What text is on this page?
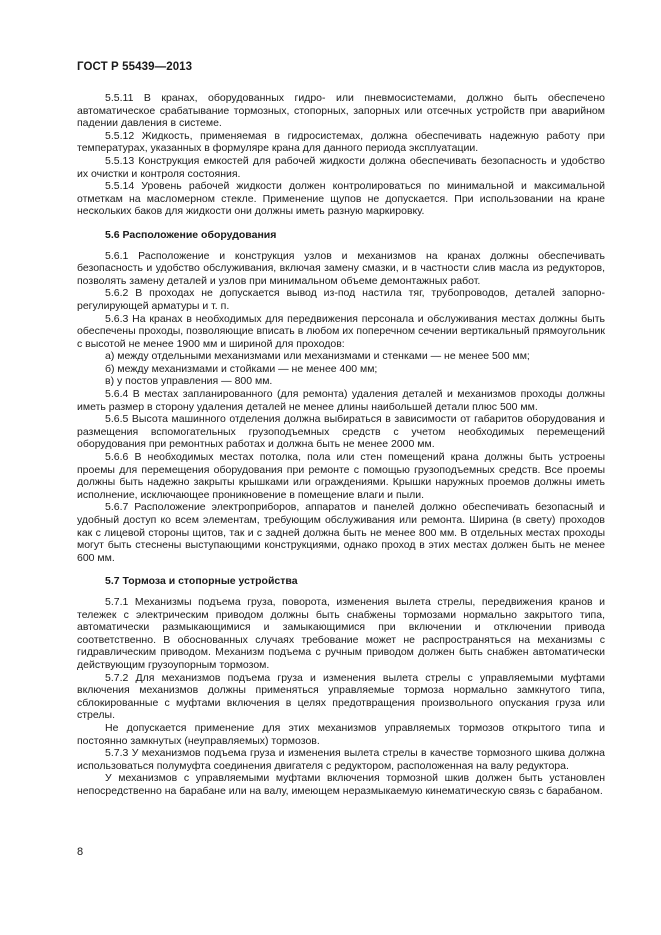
ГОСТ Р 55439—2013
5.5.11 В кранах, оборудованных гидро- или пневмосистемами, должно быть обеспечено автоматическое срабатывание тормозных, стопорных, запорных или отсечных устройств при аварийном падении давления в системе.
5.5.12 Жидкость, применяемая в гидросистемах, должна обеспечивать надежную работу при температурах, указанных в формуляре крана для данного периода эксплуатации.
5.5.13 Конструкция емкостей для рабочей жидкости должна обеспечивать безопасность и удобство их очистки и контроля состояния.
5.5.14 Уровень рабочей жидкости должен контролироваться по минимальной и максимальной отметкам на масломерном стекле. Применение щупов не допускается. При использовании на кране нескольких баков для жидкости они должны иметь разную маркировку.
5.6 Расположение оборудования
5.6.1 Расположение и конструкция узлов и механизмов на кранах должны обеспечивать безопасность и удобство обслуживания, включая замену смазки, и в частности слив масла из редукторов, позволять замену деталей и узлов при минимальном объеме демонтажных работ.
5.6.2 В проходах не допускается вывод из-под настила тяг, трубопроводов, деталей запорно-регулирующей арматуры и т. п.
5.6.3 На кранах в необходимых для передвижения персонала и обслуживания местах должны быть обеспечены проходы, позволяющие вписать в любом их поперечном сечении вертикальный прямоугольник с высотой не менее 1900 мм и шириной для проходов:
а) между отдельными механизмами или механизмами и стенками — не менее 500 мм;
б) между механизмами и стойками — не менее 400 мм;
в) у постов управления — 800 мм.
5.6.4 В местах запланированного (для ремонта) удаления деталей и механизмов проходы должны иметь размер в сторону удаления деталей не менее длины наибольшей детали плюс 500 мм.
5.6.5 Высота машинного отделения должна выбираться в зависимости от габаритов оборудования и размещения вспомогательных грузоподъемных средств с учетом необходимых перемещений оборудования при ремонтных работах и должна быть не менее 2000 мм.
5.6.6 В необходимых местах потолка, пола или стен помещений крана должны быть устроены проемы для перемещения оборудования при ремонте с помощью грузоподъемных средств. Все проемы должны быть надежно закрыты крышками или ограждениями. Крышки наружных проемов должны иметь исполнение, исключающее проникновение в помещение влаги и пыли.
5.6.7 Расположение электроприборов, аппаратов и панелей должно обеспечивать безопасный и удобный доступ ко всем элементам, требующим обслуживания или ремонта. Ширина (в свету) проходов как с лицевой стороны щитов, так и с задней должна быть не менее 800 мм. В отдельных местах проходы могут быть стеснены выступающими конструкциями, однако проход в этих местах должен быть не менее 600 мм.
5.7 Тормоза и стопорные устройства
5.7.1 Механизмы подъема груза, поворота, изменения вылета стрелы, передвижения кранов и тележек с электрическим приводом должны быть снабжены тормозами нормально закрытого типа, автоматически размыкающимися и замыкающимися при включении и отключении привода соответственно. В обоснованных случаях требование может не распространяться на механизмы с гидравлическим приводом. Механизм подъема с ручным приводом должен быть снабжен автоматически действующим грузоупорным тормозом.
5.7.2 Для механизмов подъема груза и изменения вылета стрелы с управляемыми муфтами включения механизмов должны применяться управляемые тормоза нормально замкнутого типа, сблокированные с муфтами включения в целях предотвращения произвольного опускания груза или стрелы.
Не допускается применение для этих механизмов управляемых тормозов открытого типа и постоянно замкнутых (неуправляемых) тормозов.
5.7.3 У механизмов подъема груза и изменения вылета стрелы в качестве тормозного шкива должна использоваться полумуфта соединения двигателя с редуктором, расположенная на валу редуктора.
У механизмов с управляемыми муфтами включения тормозной шкив должен быть установлен непосредственно на барабане или на валу, имеющем неразмыкаемую кинематическую связь с барабаном.
8
